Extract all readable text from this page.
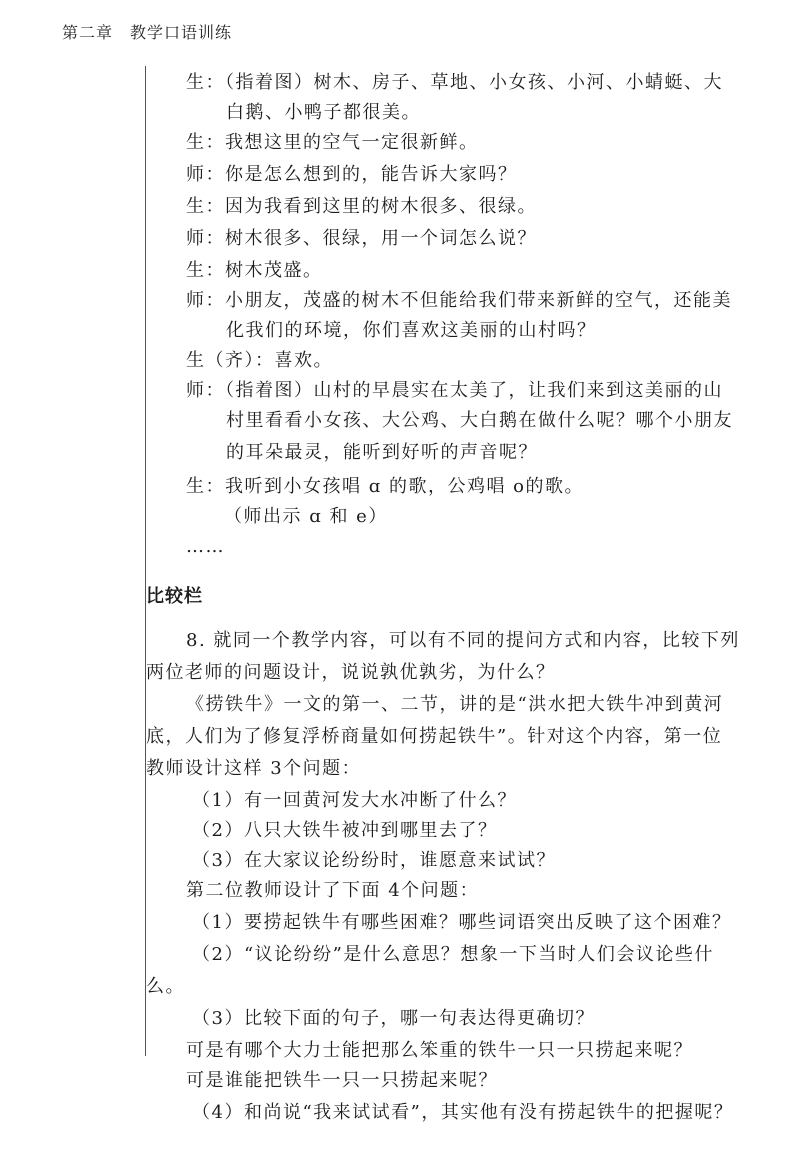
第二章　教学口语训练
生：（指着图）树木、房子、草地、小女孩、小河、小蜻蜓、大
白鹅、小鸭子都很美。
生：我想这里的空气一定很新鲜。
师：你是怎么想到的，能告诉大家吗？
生：因为我看到这里的树木很多、很绿。
师：树木很多、很绿，用一个词怎么说？
生：树木茂盛。
师：小朋友，茂盛的树木不但能给我们带来新鲜的空气，还能美
化我们的环境，你们喜欢这美丽的山村吗？
生（齐）：喜欢。
师：（指着图）山村的早晨实在太美了，让我们来到这美丽的山
村里看看小女孩、大公鸡、大白鹅在做什么呢？哪个小朋友
的耳朵最灵，能听到好听的声音呢？
生：我听到小女孩唱 ɑ 的歌，公鸡唱 o的歌。
（师出示 ɑ 和 e）
……
比较栏
8. 就同一个教学内容，可以有不同的提问方式和内容，比较下列
两位老师的问题设计，说说孰优孰劣，为什么？
《捞铁牛》一文的第一、二节，讲的是“洪水把大铁牛冲到黄河
底，人们为了修复浮桥商量如何捞起铁牛”。针对这个内容，第一位
教师设计这样 3个问题：
（1）有一回黄河发大水冲断了什么？
（2）八只大铁牛被冲到哪里去了？
（3）在大家议论纷纷时，谁愿意来试试？
第二位教师设计了下面 4个问题：
（1）要捞起铁牛有哪些困难？哪些词语突出反映了这个困难？
（2）“议论纷纷”是什么意思？想象一下当时人们会议论些什
么。
（3）比较下面的句子，哪一句表达得更确切？
可是有哪个大力士能把那么笨重的铁牛一只一只捞起来呢？
可是谁能把铁牛一只一只捞起来呢？
（4）和尚说“我来试试看”，其实他有没有捞起铁牛的把握呢？
